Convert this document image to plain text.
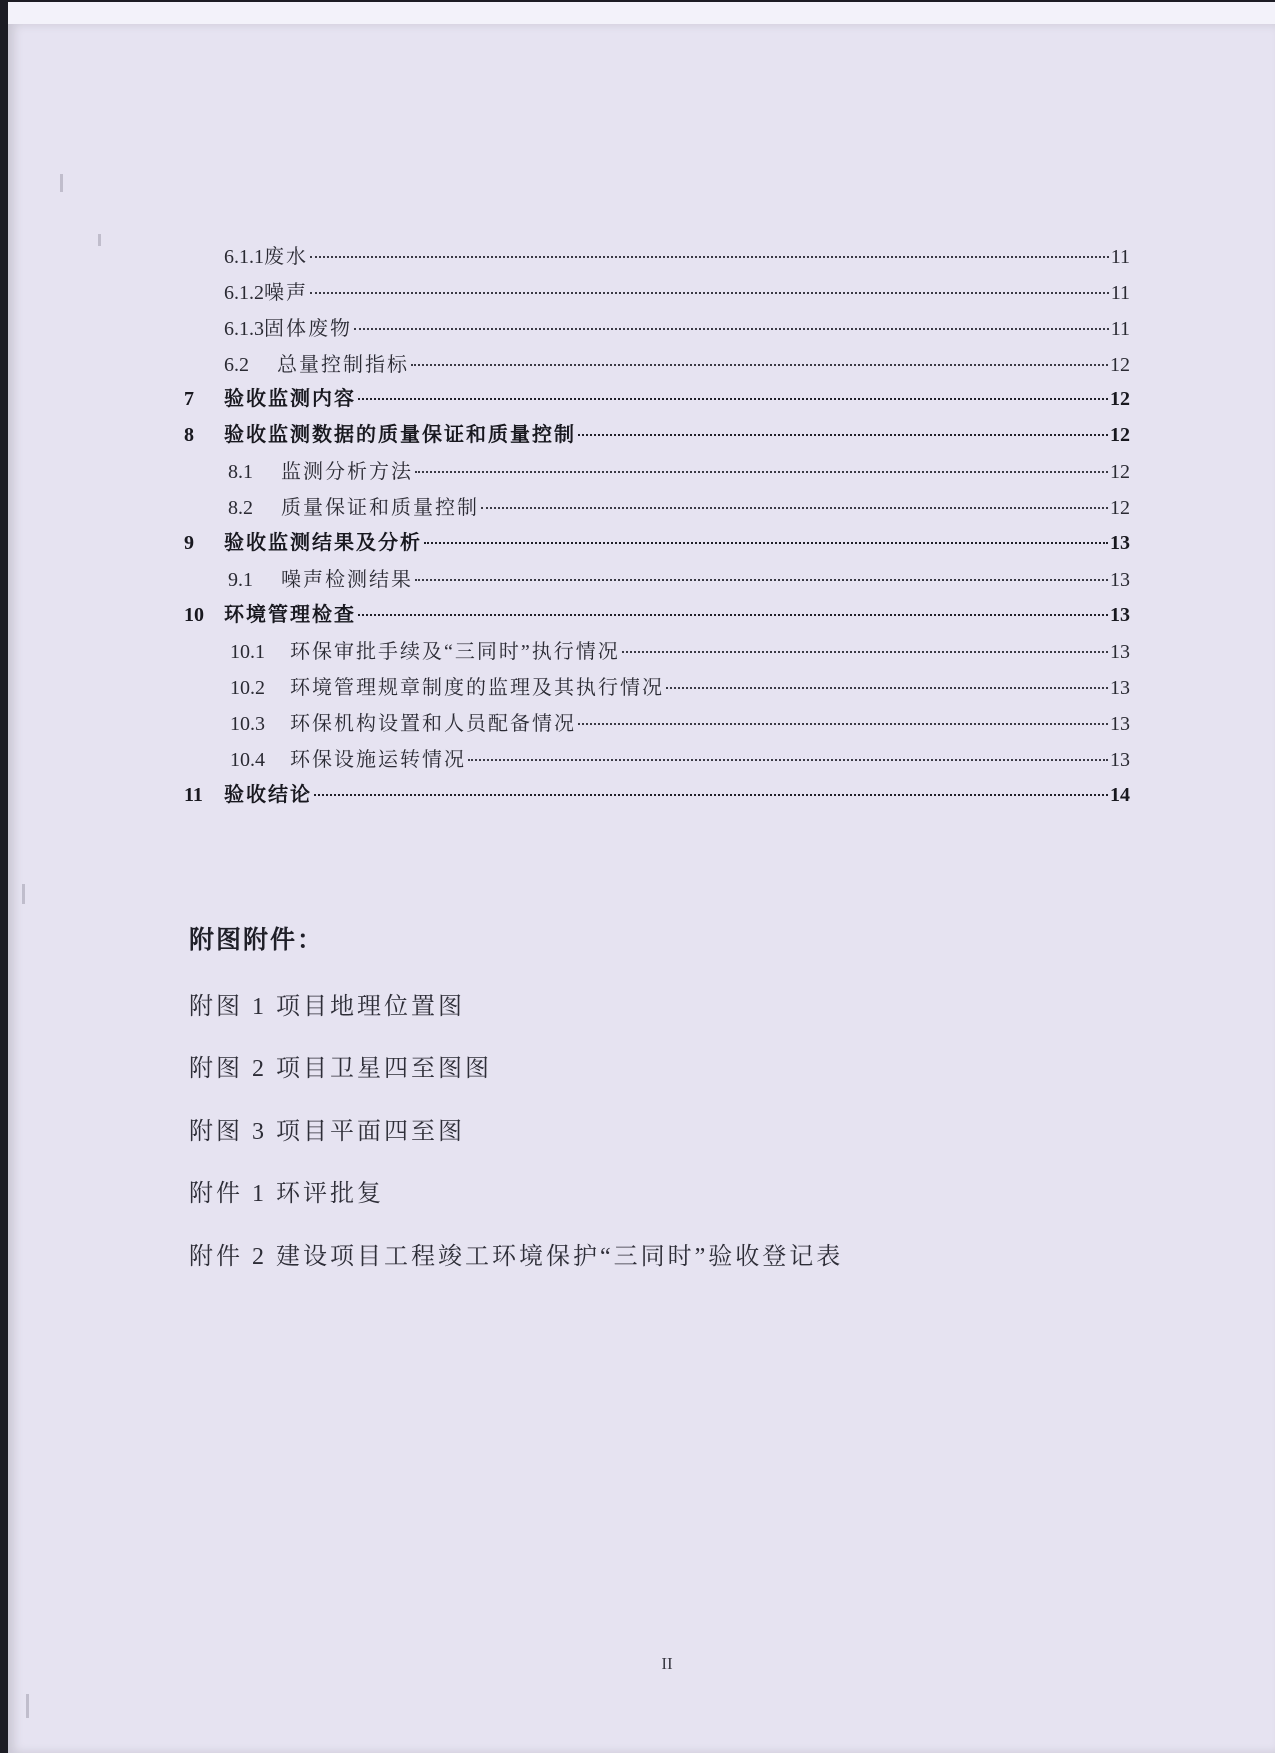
6.1.1 废水	11
6.1.2 噪声	11
6.1.3 固体废物	11
6.2	总量控制指标	12
7	验收监测内容	12
8	验收监测数据的质量保证和质量控制	12
8.1	监测分析方法	12
8.2	质量保证和质量控制	12
9	验收监测结果及分析	13
9.1	噪声检测结果	13
10	环境管理检查	13
10.1	环保审批手续及“三同时”执行情况	13
10.2	环境管理规章制度的监理及其执行情况	13
10.3	环保机构设置和人员配备情况	13
10.4	环保设施运转情况	13
11	验收结论	14
附图附件：
附图 1 项目地理位置图
附图 2 项目卫星四至图图
附图 3 项目平面四至图
附件 1 环评批复
附件 2 建设项目工程竣工环境保护“三同时”验收登记表
II
